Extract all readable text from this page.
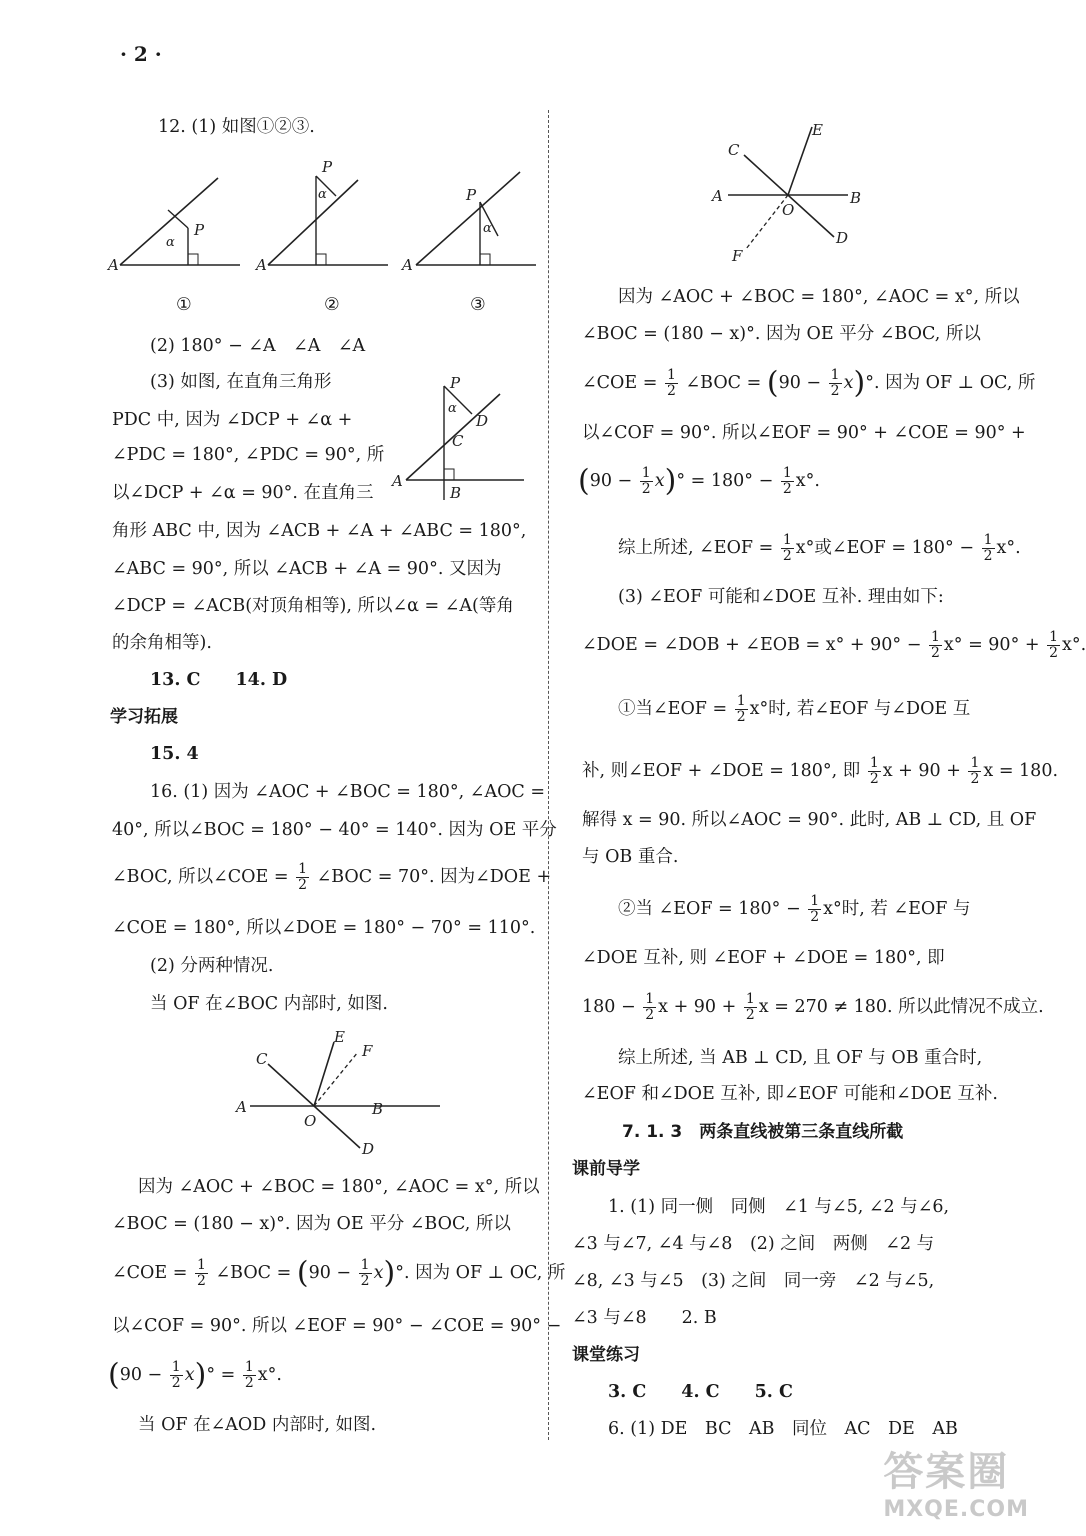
· 2 ·
12. (1) 如图①②③.
A
P
α
A
P
α
A
P
α
①	②	③
(2) 180° − ∠A　∠A　∠A
(3) 如图, 在直角三角形
PDC 中, 因为 ∠DCP + ∠α +
∠PDC = 180°, ∠PDC = 90°, 所
以∠DCP + ∠α = 90°. 在直角三
A
P
D
C
B
α
角形 ABC 中, 因为 ∠ACB + ∠A + ∠ABC = 180°,
∠ABC = 90°, 所以 ∠ACB + ∠A = 90°. 又因为
∠DCP = ∠ACB(对顶角相等), 所以∠α = ∠A(等角
的余角相等).
13. C　　14. D
学习拓展
15. 4
16. (1) 因为 ∠AOC + ∠BOC = 180°, ∠AOC =
40°, 所以∠BOC = 180° − 40° = 140°. 因为 OE 平分
∠BOC, 所以∠COE = $\frac{1}{2}$ ∠BOC = 70°. 因为∠DOE +
∠COE = 180°, 所以∠DOE = 180° − 70° = 110°.
(2) 分两种情况.
当 OF 在∠BOC 内部时, 如图.
A
C
E
F
B
O
D
因为 ∠AOC + ∠BOC = 180°, ∠AOC = x°, 所以
∠BOC = (180 − x)°. 因为 OE 平分 ∠BOC, 所以
∠COE = $\frac{1}{2}$ ∠BOC = $(90 - \frac{1}{2} x)^\circ$. 因为 OF ⊥ OC, 所
以∠COF = 90°. 所以 ∠EOF = 90° − ∠COE = 90° −
$(90 - \frac{1}{2} x)^\circ = \frac{1}{2} x^\circ$.
当 OF 在∠AOD 内部时, 如图.
A
C
E
B
O
D
F
因为 ∠AOC + ∠BOC = 180°, ∠AOC = x°, 所以
∠BOC = (180 − x)°. 因为 OE 平分 ∠BOC, 所以
∠COE = $\frac{1}{2}$ ∠BOC = $(90 - \frac{1}{2} x)^\circ$. 因为 OF ⊥ OC, 所
以∠COF = 90°. 所以∠EOF = 90° + ∠COE = 90° +
$(90 - \frac{1}{2} x)^\circ = 180^\circ - \frac{1}{2} x^\circ$.
综上所述, ∠EOF = $\frac{1}{2} x^\circ$或∠EOF = $180^\circ - \frac{1}{2} x^\circ$.
(3) ∠EOF 可能和∠DOE 互补. 理由如下:
∠DOE = ∠DOB + ∠EOB = $x^\circ + 90^\circ - \frac{1}{2} x^\circ = 90^\circ + \frac{1}{2} x^\circ$.
①当∠EOF = $\frac{1}{2} x^\circ$时, 若∠EOF 与∠DOE 互
补, 则∠EOF + ∠DOE = 180°, 即 $\frac{1}{2}$ $x + 90 + \frac{1}{2}$ x = 180.
解得 x = 90. 所以∠AOC = 90°. 此时, AB ⊥ CD, 且 OF
与 OB 重合.
②当 ∠EOF = $180^\circ - \frac{1}{2} x^\circ$时, 若 ∠EOF 与
∠DOE 互补, 则 ∠EOF + ∠DOE = 180°, 即
$180 - \frac{1}{2}$ $x + 90 + \frac{1}{2}$ x = 270 ≠ 180. 所以此情况不成立.
综上所述, 当 AB ⊥ CD, 且 OF 与 OB 重合时,
∠EOF 和∠DOE 互补, 即∠EOF 可能和∠DOE 互补.
7. 1. 3　两条直线被第三条直线所截
课前导学
1. (1) 同一侧　同侧　∠1 与∠5, ∠2 与∠6,
∠3 与∠7, ∠4 与∠8　(2) 之间　两侧　∠2 与
∠8, ∠3 与∠5　(3) 之间　同一旁　∠2 与∠5,
∠3 与∠8　　2. B
课堂练习
3. C　　4. C　　5. C
6. (1) DE　BC　AB　同位　AC　DE　AB
答案圈
MXQE.COM
